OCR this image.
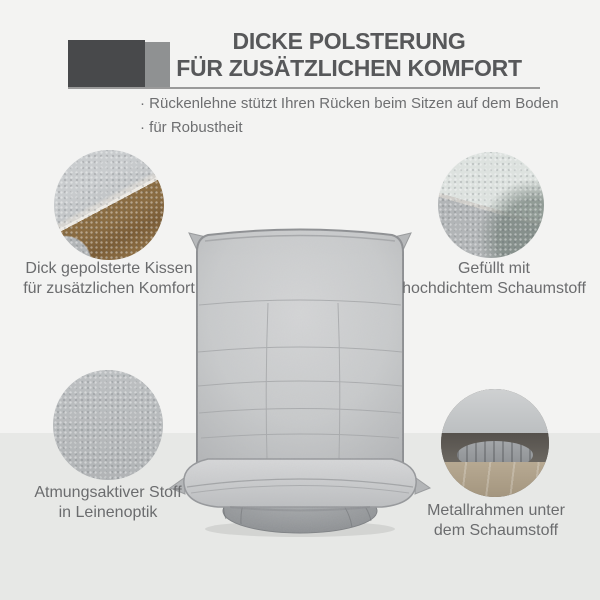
DICKE POLSTERUNG
FÜR ZUSÄTZLICHEN KOMFORT
· Rückenlehne stützt Ihren Rücken beim Sitzen auf dem Boden
· für Robustheit
Dick gepolsterte Kissen
für zusätzlichen Komfort
Gefüllt mit
hochdichtem Schaumstoff
Atmungsaktiver Stoff
in Leinenoptik	Metallrahmen unter
dem Schaumstoff
